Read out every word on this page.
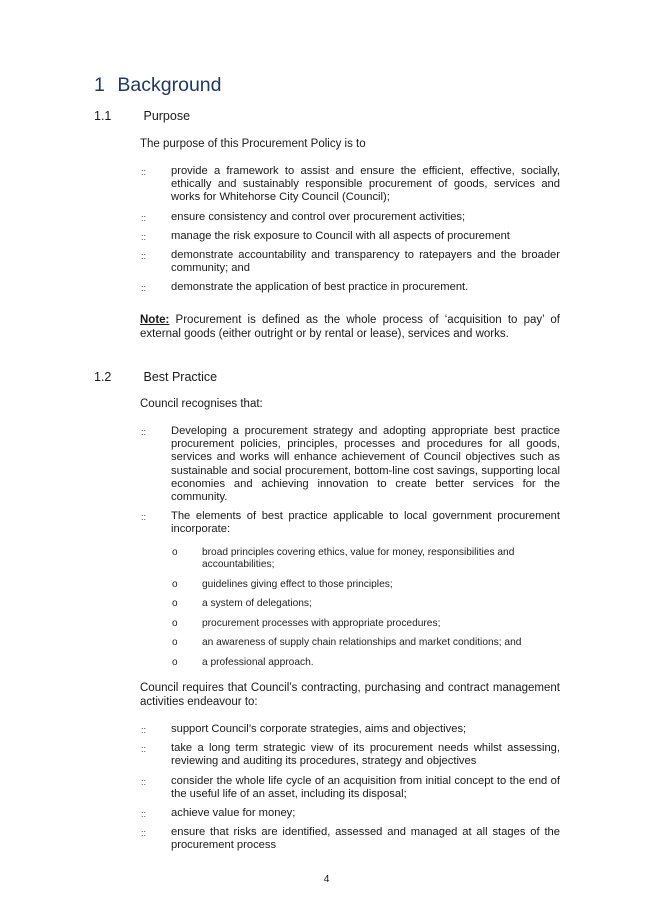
1 Background
1.1	Purpose
The purpose of this Procurement Policy is to
:: provide a framework to assist and ensure the efficient, effective, socially, ethically and sustainably responsible procurement of goods, services and works for Whitehorse City Council (Council);
:: ensure consistency and control over procurement activities;
:: manage the risk exposure to Council with all aspects of procurement
:: demonstrate accountability and transparency to ratepayers and the broader community; and
:: demonstrate the application of best practice in procurement.
Note: Procurement is defined as the whole process of ‘acquisition to pay’ of external goods (either outright or by rental or lease), services and works.
1.2	Best Practice
Council recognises that:
:: Developing a procurement strategy and adopting appropriate best practice procurement policies, principles, processes and procedures for all goods, services and works will enhance achievement of Council objectives such as sustainable and social procurement, bottom-line cost savings, supporting local economies and achieving innovation to create better services for the community.
:: The elements of best practice applicable to local government procurement incorporate:
o broad principles covering ethics, value for money, responsibilities and accountabilities;
o guidelines giving effect to those principles;
o a system of delegations;
o procurement processes with appropriate procedures;
o an awareness of supply chain relationships and market conditions; and
o a professional approach.
Council requires that Council’s contracting, purchasing and contract management activities endeavour to:
:: support Council’s corporate strategies, aims and objectives;
:: take a long term strategic view of its procurement needs whilst assessing, reviewing and auditing its procedures, strategy and objectives
:: consider the whole life cycle of an acquisition from initial concept to the end of the useful life of an asset, including its disposal;
:: achieve value for money;
:: ensure that risks are identified, assessed and managed at all stages of the procurement process
4
